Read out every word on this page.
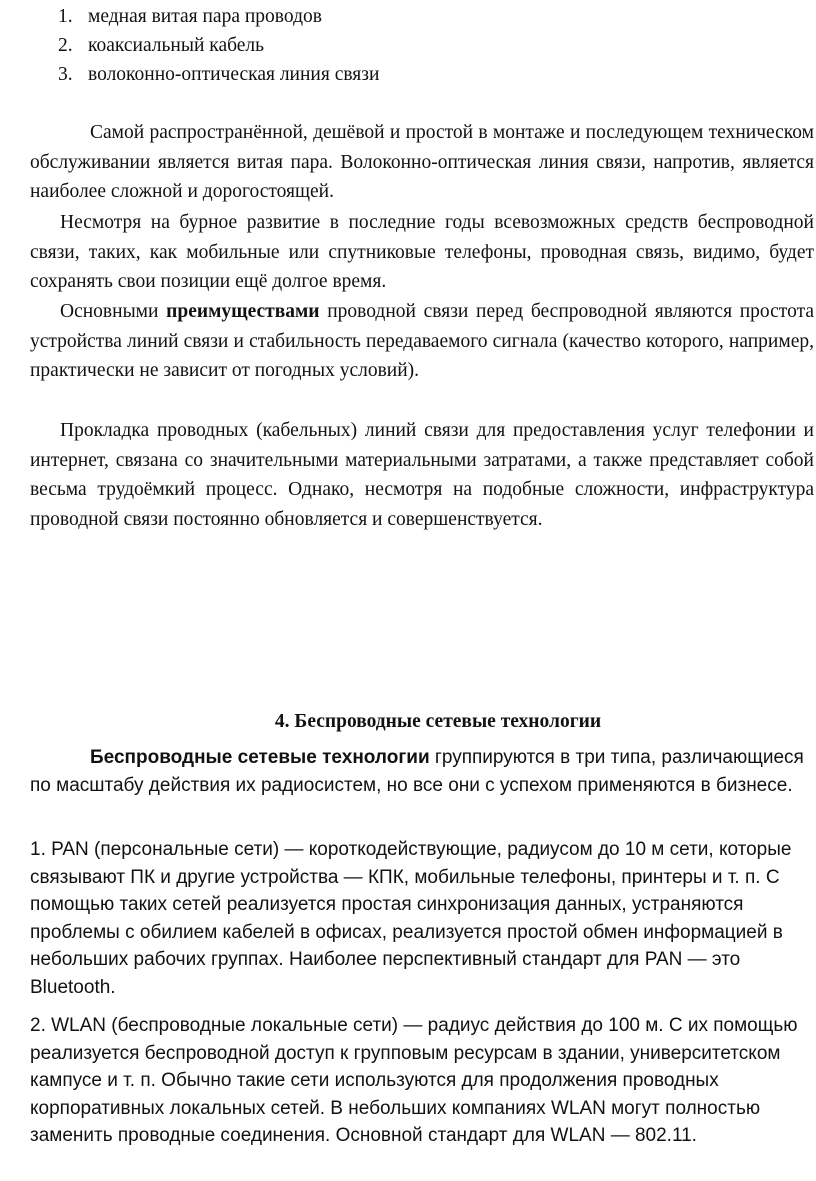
1. медная витая пара проводов
2. коаксиальный кабель
3. волоконно-оптическая линия связи

Самой распространённой, дешёвой и простой в монтаже и последующем техническом обслуживании является витая пара. Волоконно-оптическая линия связи, напротив, является наиболее сложной и дорогостоящей.

Несмотря на бурное развитие в последние годы всевозможных средств беспроводной связи, таких, как мобильные или спутниковые телефоны, проводная связь, видимо, будет сохранять свои позиции ещё долгое время.

Основными преимуществами проводной связи перед беспроводной являются простота устройства линий связи и стабильность передаваемого сигнала (качество которого, например, практически не зависит от погодных условий).

Прокладка проводных (кабельных) линий связи для предоставления услуг телефонии и интернет, связана со значительными материальными затратами, а также представляет собой весьма трудоёмкий процесс. Однако, несмотря на подобные сложности, инфраструктура проводной связи постоянно обновляется и совершенствуется.

4. Беспроводные сетевые технологии

Беспроводные сетевые технологии группируются в три типа, различающиеся по масштабу действия их радиосистем, но все они с успехом применяются в бизнесе.

1. PAN (персональные сети) — короткодействующие, радиусом до 10 м сети, которые связывают ПК и другие устройства — КПК, мобильные телефоны, принтеры и т. п. С помощью таких сетей реализуется простая синхронизация данных, устраняются проблемы с обилием кабелей в офисах, реализуется простой обмен информацией в небольших рабочих группах. Наиболее перспективный стандарт для PAN — это Bluetooth.

2. WLAN (беспроводные локальные сети) — радиус действия до 100 м. С их помощью реализуется беспроводной доступ к групповым ресурсам в здании, университетском кампусе и т. п. Обычно такие сети используются для продолжения проводных корпоративных локальных сетей. В небольших компаниях WLAN могут полностью заменить проводные соединения. Основной стандарт для WLAN — 802.11.
